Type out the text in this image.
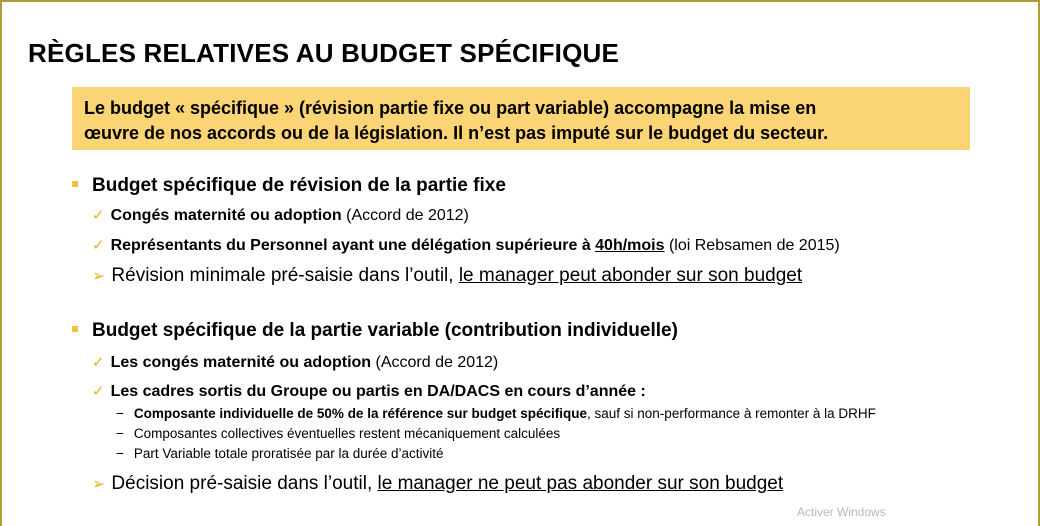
RÈGLES RELATIVES AU BUDGET SPÉCIFIQUE
Le budget « spécifique » (révision partie fixe ou part variable) accompagne la mise en
œuvre de nos accords ou de la législation. Il n’est pas imputé sur le budget du secteur.
Budget spécifique de révision de la partie fixe
✓ Congés maternité ou adoption (Accord de 2012)
✓ Représentants du Personnel ayant une délégation supérieure à 40h/mois (loi Rebsamen de 2015)
➢ Révision minimale pré-saisie dans l’outil, le manager peut abonder sur son budget
Budget spécifique de la partie variable (contribution individuelle)
✓ Les congés maternité ou adoption (Accord de 2012)
✓ Les cadres sortis du Groupe ou partis en DA/DACS en cours d’année :
− Composante individuelle de 50% de la référence sur budget spécifique, sauf si non-performance à remonter à la DRHF
− Composantes collectives éventuelles restent mécaniquement calculées
− Part Variable totale proratisée par la durée d’activité
➢ Décision pré-saisie dans l’outil, le manager ne peut pas abonder sur son budget
Activer Windows
